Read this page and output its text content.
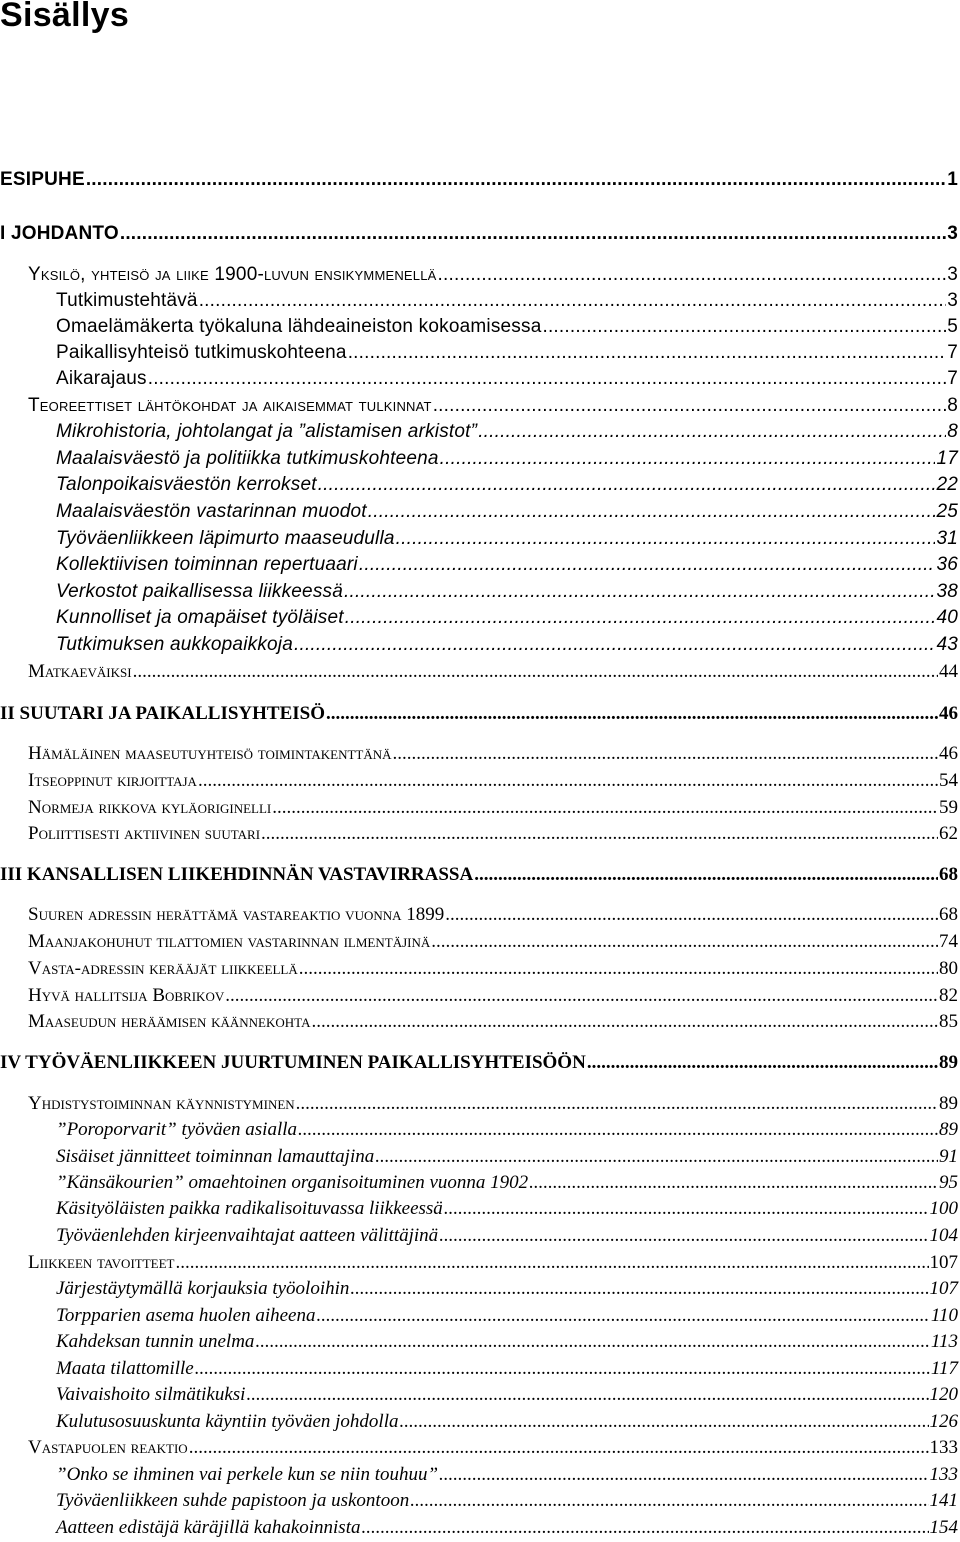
Sisällys
ESIPUHE .....	1
I JOHDANTO .....	3
Yksilö, yhteisö ja liike 1900-luvun ensikymmenellä .....	3
Tutkimustehtävä .....	3
Omaelämäkerta työkaluna lähdeaineiston kokoamisessa .....	5
Paikallisyhteisö tutkimuskohteena .....	7
Aikarajaus .....	7
Teoreettiset lähtökohdat ja aikaisemmat tulkinnat .....	8
Mikrohistoria, johtolangat ja ”alistamisen arkistot” .....	8
Maalaisväestö ja politiikka tutkimuskohteena .....	17
Talonpoikaisväestön kerrokset .....	22
Maalaisväestön vastarinnan muodot .....	25
Työväenliikkeen läpimurto maaseudulla .....	31
Kollektiivisen toiminnan repertuaari .....	36
Verkostot paikallisessa liikkeessä .....	38
Kunnolliset ja omapäiset työläiset .....	40
Tutkimuksen aukkopaikkoja .....	43
Matkaeväiksi .....	44
II SUUTARI JA PAIKALLISYHTEISÖ .....	46
Hämäläinen maaseutuyhteisö toimintakenttänä .....	46
Itseoppinut kirjoittaja .....	54
Normeja rikkova kyläoriginelli .....	59
Poliittisesti aktiivinen suutari .....	62
III KANSALLISEN LIIKEHDINNÄN VASTAVIRRASSA .....	68
Suuren adressin herättämä vastareaktio vuonna 1899 .....	68
Maanjakohuhut tilattomien vastarinnan ilmentäjinä .....	74
Vasta-adressin kerääjät liikkeellä .....	80
Hyvä hallitsija Bobrikov .....	82
Maaseudun heräämisen käännekohta .....	85
IV TYÖVÄENLIIKKEEN JUURTUMINEN PAIKALLISYHTEISÖÖN .....	89
Yhdistystoiminnan käynnistyminen .....	89
”Poroporvarit” työväen asialla .....	89
Sisäiset jännitteet toiminnan lamauttajina .....	91
”Känsäkourien” omaehtoinen organisoituminen vuonna 1902 .....	95
Käsityöläisten paikka radikalisoituvassa liikkeessä .....	100
Työväenlehden kirjeenvaihtajat aatteen välittäjinä .....	104
Liikkeen tavoitteet .....	107
Järjestäytymällä korjauksia työoloihin .....	107
Torpparien asema huolen aiheena .....	110
Kahdeksan tunnin unelma .....	113
Maata tilattomille .....	117
Vaivaishoito silmätikuksi .....	120
Kulutusosuuskunta käyntiin työväen johdolla .....	126
Vastapuolen reaktio .....	133
”Onko se ihminen vai perkele kun se niin touhuu” .....	133
Työväenliikkeen suhde papistoon ja uskontoon .....	141
Aatteen edistäjä käräjillä kahakoinnista .....	154
